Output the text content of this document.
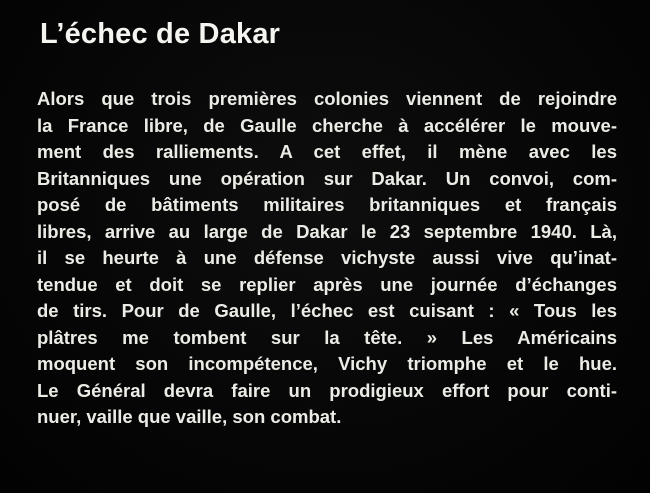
L’échec de Dakar
Alors que trois premières colonies viennent de rejoindre
la France libre, de Gaulle cherche à accélérer le mouve-
ment des ralliements. A cet effet, il mène avec les
Britanniques une opération sur Dakar. Un convoi, com-
posé de bâtiments militaires britanniques et français
libres, arrive au large de Dakar le 23 septembre 1940. Là,
il se heurte à une défense vichyste aussi vive qu’inat-
tendue et doit se replier après une journée d’échanges
de tirs. Pour de Gaulle, l’échec est cuisant : « Tous les
plâtres me tombent sur la tête. » Les Américains
moquent son incompétence, Vichy triomphe et le hue.
Le Général devra faire un prodigieux effort pour conti-
nuer, vaille que vaille, son combat.
